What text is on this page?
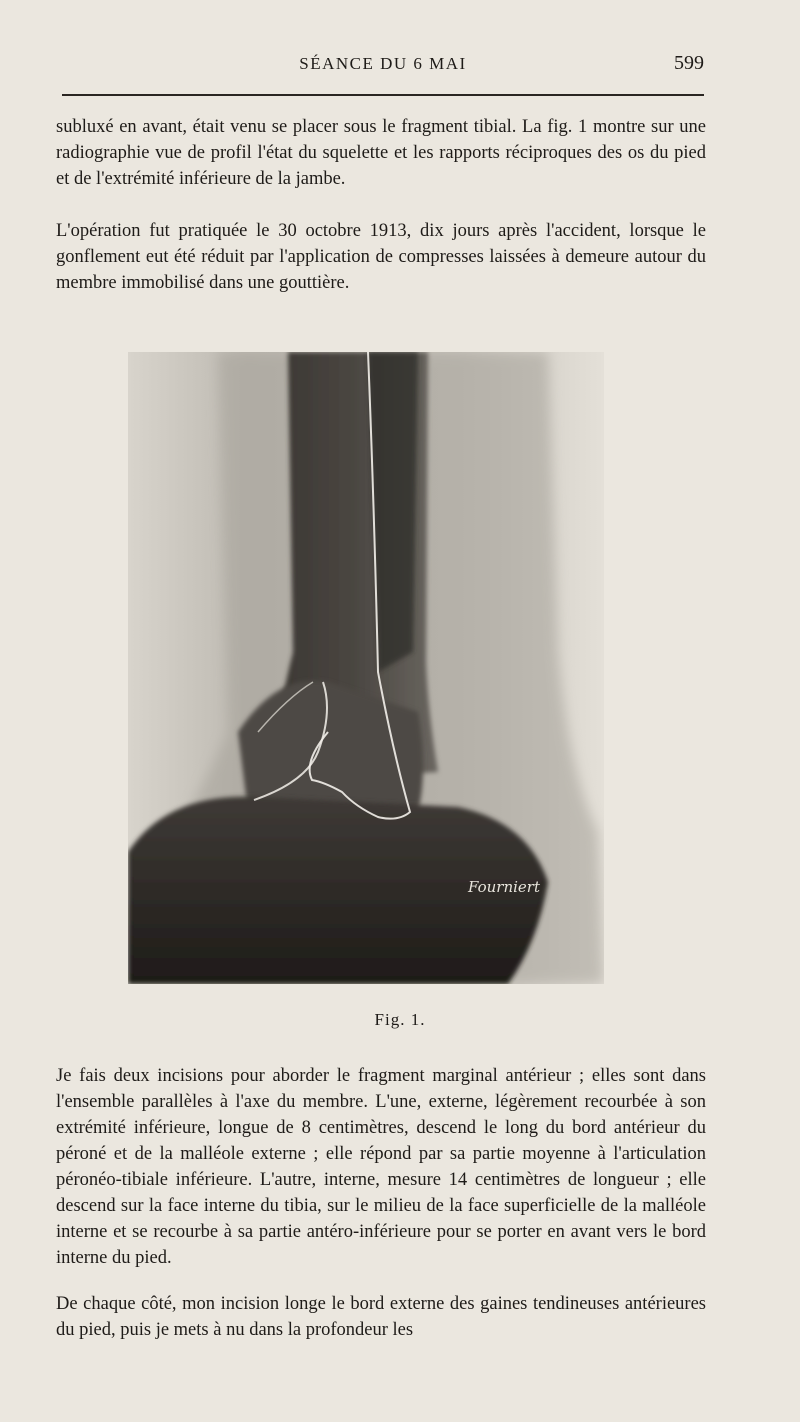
SÉANCE DU 6 MAI	599

subluxé en avant, était venu se placer sous le fragment tibial. La fig. 1 montre sur une radiographie vue de profil l'état du squelette et les rapports réciproques des os du pied et de l'extrémité inférieure de la jambe.

L'opération fut pratiquée le 30 octobre 1913, dix jours après l'accident, lorsque le gonflement eut été réduit par l'application de compresses laissées à demeure autour du membre immobilisé dans une gouttière.

Fourniert
Fig. 1.

Je fais deux incisions pour aborder le fragment marginal antérieur ; elles sont dans l'ensemble parallèles à l'axe du membre. L'une, externe, légèrement recourbée à son extrémité inférieure, longue de 8 centimètres, descend le long du bord antérieur du péroné et de la malléole externe ; elle répond par sa partie moyenne à l'articulation péronéo-tibiale inférieure. L'autre, interne, mesure 14 centimètres de longueur ; elle descend sur la face interne du tibia, sur le milieu de la face superficielle de la malléole interne et se recourbe à sa partie antéro-inférieure pour se porter en avant vers le bord interne du pied.

De chaque côté, mon incision longe le bord externe des gaines tendineuses antérieures du pied, puis je mets à nu dans la profondeur les
